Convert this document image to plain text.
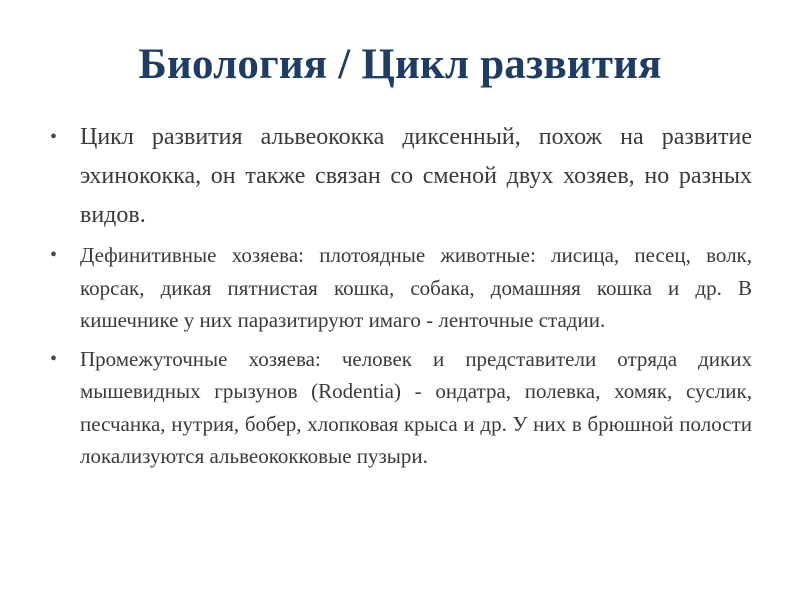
Биология / Цикл развития
• Цикл развития альвеококка диксенный, похож на развитие эхинококка, он также связан со сменой двух хозяев, но разных видов.
• Дефинитивные хозяева: плотоядные животные: лисица, песец, волк, корсак, дикая пятнистая кошка, собака, домашняя кошка и др. В кишечнике у них паразитируют имаго - ленточные стадии.
• Промежуточные хозяева: человек и представители отряда диких мышевидных грызунов (Rodentia) - ондатра, полевка, хомяк, суслик, песчанка, нутрия, бобер, хлопковая крыса и др. У них в брюшной полости локализуются альвеококковые пузыри.
